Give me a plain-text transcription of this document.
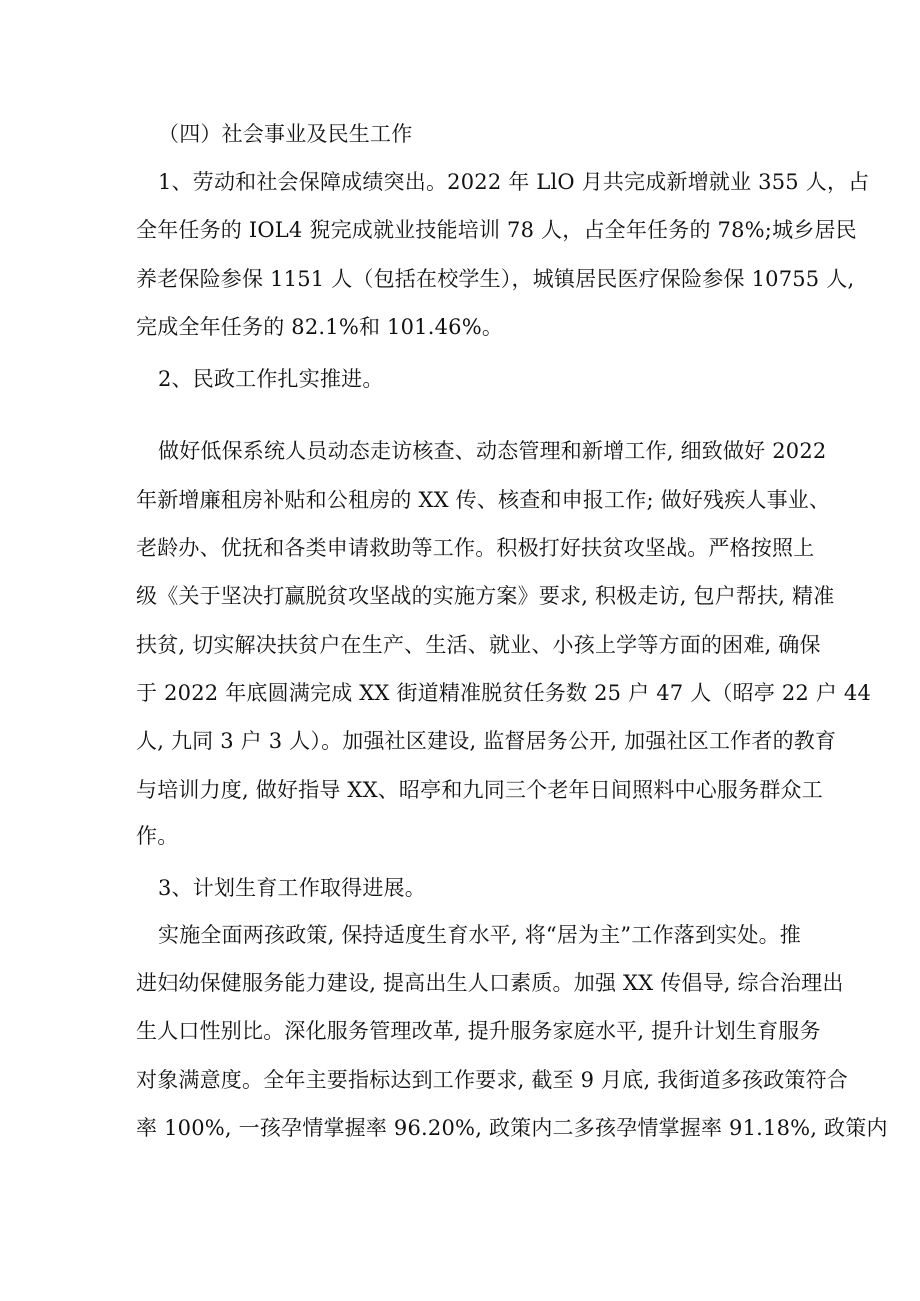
（四）社会事业及民生工作
1、劳动和社会保障成绩突出。2022 年 LlO 月共完成新增就业 355 人，占
全年任务的 IOL4 猊完成就业技能培训 78 人，占全年任务的 78%;城乡居民
养老保险参保 1151 人（包括在校学生），城镇居民医疗保险参保 10755 人,
完成全年任务的 82.1%和 101.46%。
2、民政工作扎实推进。
做好低保系统人员动态走访核查、动态管理和新增工作, 细致做好 2022
年新增廉租房补贴和公租房的 XX 传、核查和申报工作; 做好残疾人事业、
老龄办、优抚和各类申请救助等工作。积极打好扶贫攻坚战。严格按照上
级《关于坚决打赢脱贫攻坚战的实施方案》要求, 积极走访, 包户帮扶, 精准
扶贫, 切实解决扶贫户在生产、生活、就业、小孩上学等方面的困难, 确保
于 2022 年底圆满完成 XX 街道精准脱贫任务数 25 户 47 人（昭亭 22 户 44
人, 九同 3 户 3 人）。加强社区建设, 监督居务公开, 加强社区工作者的教育
与培训力度, 做好指导 XX、昭亭和九同三个老年日间照料中心服务群众工
作。
3、计划生育工作取得进展。
实施全面两孩政策, 保持适度生育水平, 将“居为主”工作落到实处。推
进妇幼保健服务能力建设, 提高出生人口素质。加强 XX 传倡导, 综合治理出
生人口性别比。深化服务管理改革, 提升服务家庭水平, 提升计划生育服务
对象满意度。全年主要指标达到工作要求, 截至 9 月底, 我街道多孩政策符合
率 100%, 一孩孕情掌握率 96.20%, 政策内二多孩孕情掌握率 91.18%, 政策内
